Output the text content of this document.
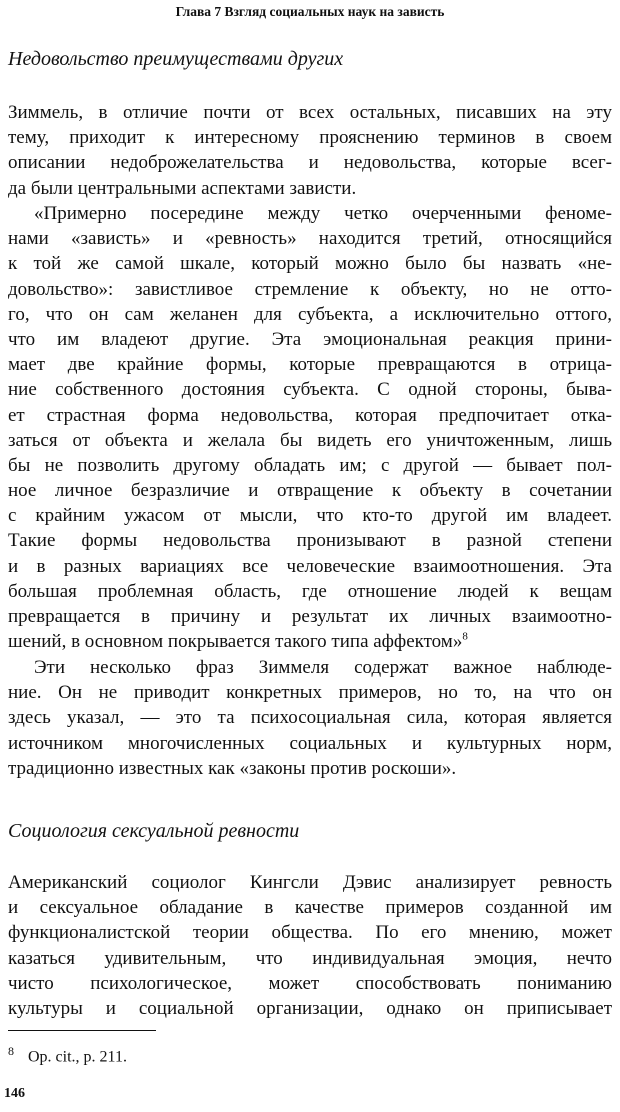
Глава 7 Взгляд социальных наук на зависть
Недовольство преимуществами других
Зиммель, в отличие почти от всех остальных, писавших на эту
тему, приходит к интересному прояснению терминов в своем
описании недоброжелательства и недовольства, которые всег-
да были центральными аспектами зависти.
«Примерно посередине между четко очерченными феноме-
нами «зависть» и «ревность» находится третий, относящийся
к той же самой шкале, который можно было бы назвать «не-
довольство»: завистливое стремление к объекту, но не отто-
го, что он сам желанен для субъекта, а исключительно оттого,
что им владеют другие. Эта эмоциональная реакция прини-
мает две крайние формы, которые превращаются в отрица-
ние собственного достояния субъекта. С одной стороны, быва-
ет страстная форма недовольства, которая предпочитает отка-
заться от объекта и желала бы видеть его уничтоженным, лишь
бы не позволить другому обладать им; с другой — бывает пол-
ное личное безразличие и отвращение к объекту в сочетании
с крайним ужасом от мысли, что кто-то другой им владеет.
Такие формы недовольства пронизывают в разной степени
и в разных вариациях все человеческие взаимоотношения. Эта
большая проблемная область, где отношение людей к вещам
превращается в причину и результат их личных взаимоотно-
шений, в основном покрывается такого типа аффектом»$^8$
Эти несколько фраз Зиммеля содержат важное наблюде-
ние. Он не приводит конкретных примеров, но то, на что он
здесь указал, — это та психосоциальная сила, которая является
источником многочисленных социальных и культурных норм,
традиционно известных как «законы против роскоши».
Социология сексуальной ревности
Американский социолог Кингсли Дэвис анализирует ревность
и сексуальное обладание в качестве примеров созданной им
функционалистской теории общества. По его мнению, может
казаться удивительным, что индивидуальная эмоция, нечто
чисто психологическое, может способствовать пониманию
культуры и социальной организации, однако он приписывает
$^8$ Op. cit., p. 211.
146
